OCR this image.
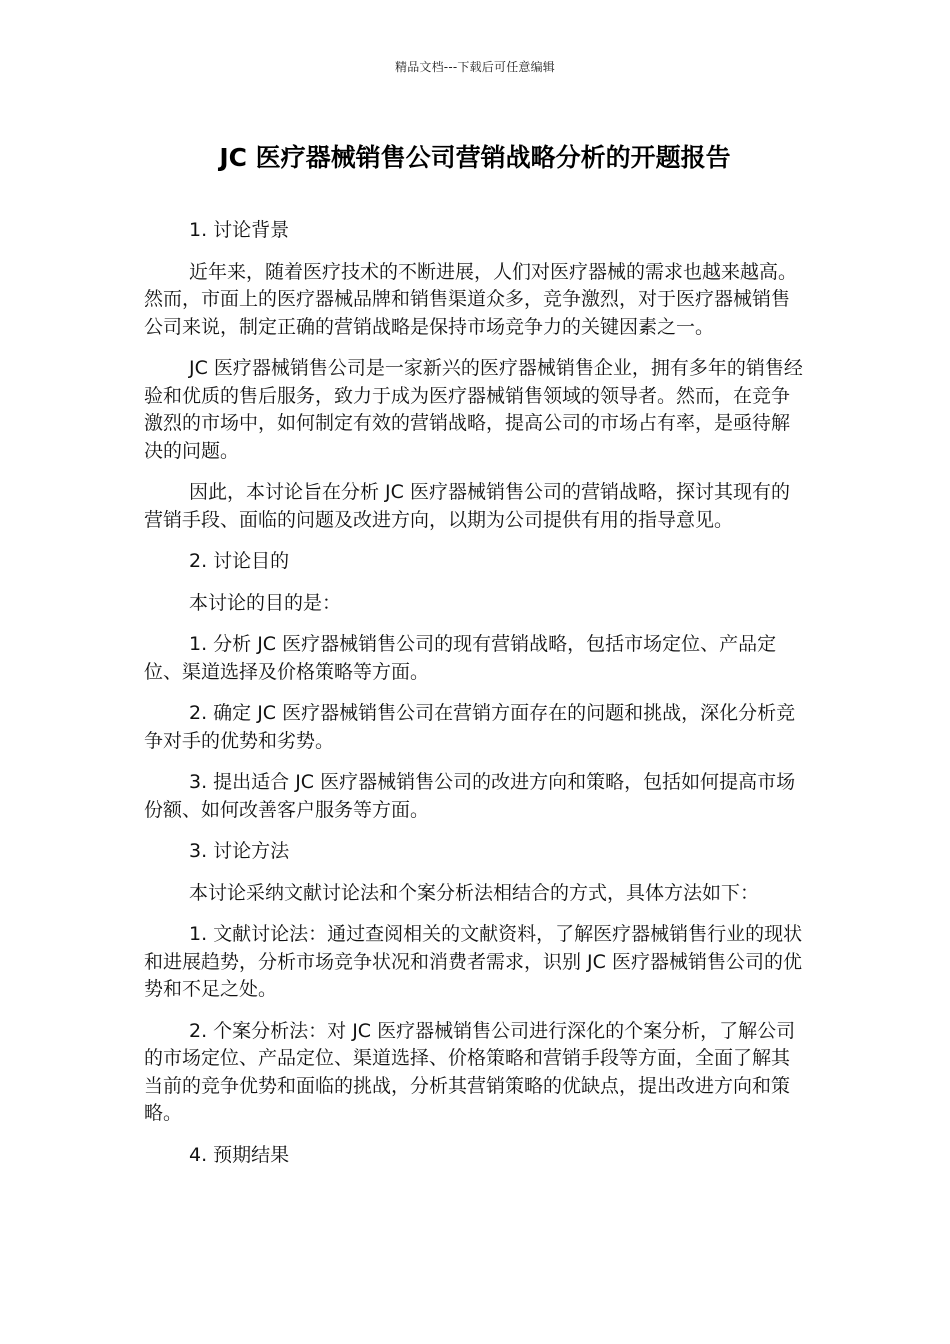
精品文档---下载后可任意编辑
JC 医疗器械销售公司营销战略分析的开题报告

1. 讨论背景

近年来，随着医疗技术的不断进展，人们对医疗器械的需求也越来越高。然而，市面上的医疗器械品牌和销售渠道众多，竞争激烈，对于医疗器械销售公司来说，制定正确的营销战略是保持市场竞争力的关键因素之一。

JC 医疗器械销售公司是一家新兴的医疗器械销售企业，拥有多年的销售经验和优质的售后服务，致力于成为医疗器械销售领域的领导者。然而，在竞争激烈的市场中，如何制定有效的营销战略，提高公司的市场占有率，是亟待解决的问题。

因此，本讨论旨在分析 JC 医疗器械销售公司的营销战略，探讨其现有的营销手段、面临的问题及改进方向，以期为公司提供有用的指导意见。

2. 讨论目的

本讨论的目的是：

1. 分析 JC 医疗器械销售公司的现有营销战略，包括市场定位、产品定位、渠道选择及价格策略等方面。

2. 确定 JC 医疗器械销售公司在营销方面存在的问题和挑战，深化分析竞争对手的优势和劣势。

3. 提出适合 JC 医疗器械销售公司的改进方向和策略，包括如何提高市场份额、如何改善客户服务等方面。

3. 讨论方法

本讨论采纳文献讨论法和个案分析法相结合的方式，具体方法如下：

1. 文献讨论法：通过查阅相关的文献资料，了解医疗器械销售行业的现状和进展趋势，分析市场竞争状况和消费者需求，识别 JC 医疗器械销售公司的优势和不足之处。

2. 个案分析法：对 JC 医疗器械销售公司进行深化的个案分析，了解公司的市场定位、产品定位、渠道选择、价格策略和营销手段等方面，全面了解其当前的竞争优势和面临的挑战，分析其营销策略的优缺点，提出改进方向和策略。

4. 预期结果
